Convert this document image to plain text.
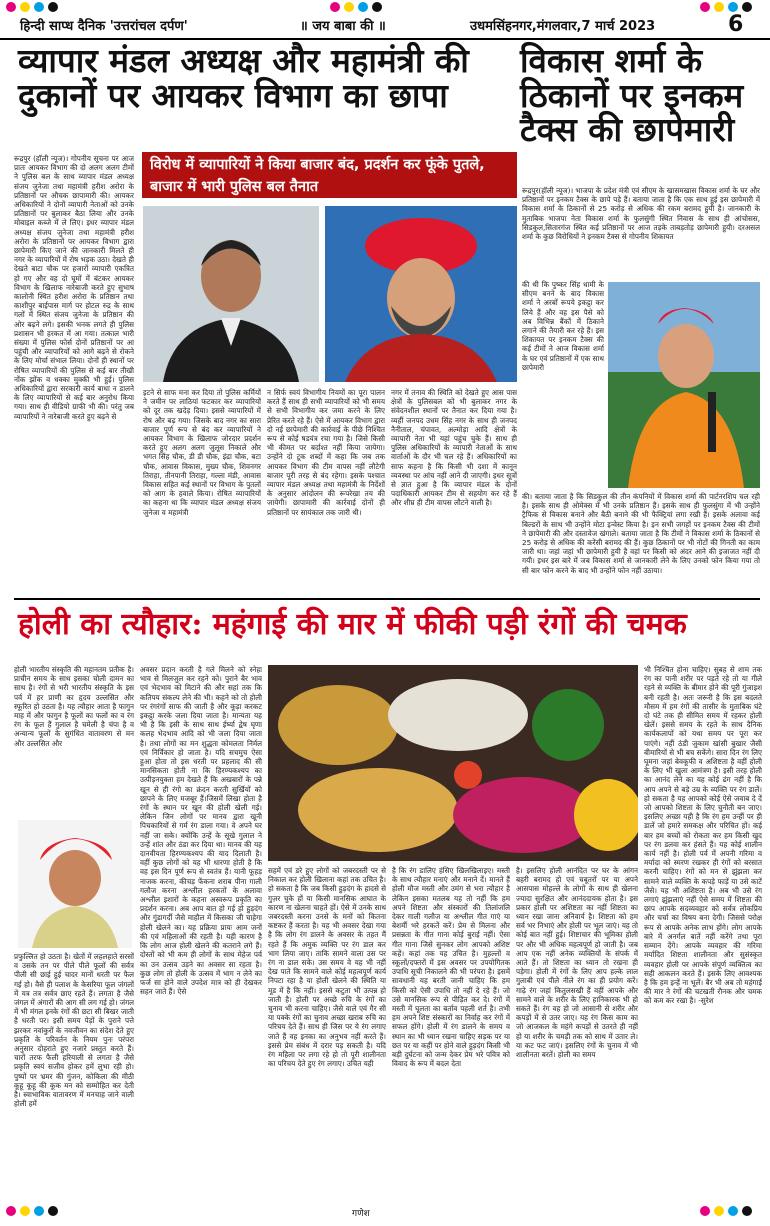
हिन्दी साप्ध दैनिक 'उत्तरांचल दर्पण'	॥ जय बाबा की ॥	उधमसिंहनगर,मंगलवार,7 मार्च 2023	6
व्यापार मंडल अध्यक्ष और महामंत्री की दुकानों पर आयकर विभाग का छापा
विकास शर्मा के ठिकानों पर इनकम टैक्स की छापेमारी

रूद्रपुर (हॉली न्यूज)। गोपनीय सूचना पर आज प्रातः आयकर विभाग की दो अलग अलग टीमों ने पुलिस बल के साथ व्यापार मंडल अध्यक्ष संजय जुनेजा तथा महामंत्री हरीश अरोरा के प्रतिष्ठानों पर औचक छापामारी की। आयकर अधिकारियों ने दोनों व्यापारी नेताओं को उनके प्रतिष्ठानों पर बुलाकर बैठा लिया और उनके मोबाइल कब्जे में ले लिए। इधर व्यापार मंडल अध्यक्ष संजय जुनेजा तथा महामंत्री हरीश अरोरा के प्रतिष्ठानों पर आयकर विभाग द्वारा छापेमारी किए जाने की जानकारी मिलते ही नगर के व्यापारियों में रोष भड़क उठा। देखते ही देखते बाटा चौक पर हजारों व्यापारी एकत्रित हो गए और वह दो घूमों में बंटकर आयकर विभाग के खिलाफ नारेबाजी करते हुए सुभाष कालोनी स्थित हरीश अरोरा के प्रतिष्ठान तथा काशीपुर बाईपास मार्ग पर होटल रुद्र के साथ गलों में स्थित संजय जुनेजा के प्रतिष्ठान की ओर बढ़ने लगे। इसकी भनक लगते ही पुलिस प्रशासन भी हरकत में आ गया। तत्काल भारी संख्या में पुलिस फोर्स दोनों प्रतिष्ठानों पर आ पहुंची और व्यापारियों को आगे बढ़ने से रोकने के लिए मोर्चा संभाल लिया। दोनों ही स्थानों पर रोषित व्यापारियों की पुलिस से कई बार तीखी नोंक झोंक व धक्का मुक्की भी हुई। पुलिस अधिकारियों द्वारा सरकारी कार्य बाधा न डालने के लिए व्यापारियों से कई बार अनुरोध किया गया। साथ ही वीडियो ग्राफी भी की। परंतु जब व्यापारियों ने नारेबाजी करते हुए बढ़ने से

विरोध में व्यापारियों ने किया बाजार बंद, प्रदर्शन कर फूंके पुतले, बाजार में भारी पुलिस बल तैनात

इटने से साफ मना कर दिया तो पुलिस कर्मियों ने जमीन पर लाठियां फटकार कर व्यापारियों को दूर तक खदेड़ दिया। इससे व्यापारियों में रोष और बढ़ गया। जिसके बाद नगर का सारा बाजार पूर्ण रूप से बंद कर व्यापारियों ने आयकर विभाग के खिलाफ जोरदार प्रदर्शन करते हुए अलग अलग जुलूस निकाले और भगत सिंह चौक, डी डी चौक, इंद्रा चौक, बटा चौक, आवास विकास, मुख्य चौक, शिवनगर तिराहा, तीनपानी तिराहा, गल्ला मंडी, आवास विकास सहित कई स्थानों पर विभाग के पुतलों को आग के हवाले किया। रोषित व्यापारियों का कहना था कि व्यापार मंडल अध्यक्ष संजय जुनेजा व महामंत्री

न सिर्फ स्वयं विभागीय नियमों का पूरा पालन करते हैं साथ ही सभी व्यापारियों को भी समय से सभी विभागीय कर जमा करने के लिए प्रेरित करते रहे हैं। ऐसे में आयकर विभाग द्वारा दो नई छापेमारी की कार्रवाई के पीछे निश्चित रूप से कोई षडयंत्र रचा गया है। जिसे किसी भी कीमत पर बर्दाश्त नहीं किया जायेगा। उन्होंने दो टूक शब्दों में कहा कि जब तक आयकर विभाग की टीम वापस नहीं लौटेगी बाजार पूरी तरह से बंद रहेगा। इसके पश्चात व्यापार मंडल अध्यक्ष तथा महामंत्री के निर्देशों के अनुसार आंदोलन की रूपरेखा तय की जायेगी। छापामारी की कार्रवाई दोनों ही प्रतिष्ठानों पर सायंकाल तक जारी थी।

नगर में तनाव की स्थिति को देखते हुए आस पास क्षेत्रों के पुलिसबल को भी बुलाकर नगर के संवेदनशील स्थानों पर तैनात कर दिया गया है।व्यहीं जनपद उधम सिंह नगर के साथ ही जनपद नैनीताल, चंपावत, अल्मोड़ा आदि क्षेत्रों के व्यापारी नेता भी यहां पहुंच चुके हैं। साथ ही पुलिस अधिकारियों के व्यापारी नेताओं के साथ वार्ताओं के दौर भी चल रहे हैं। अधिकारियों का साफ कहना है कि किसी भी दशा में कानून व्यवस्था पर आंच नहीं आने दी जाएगी। इधर सूत्रों से ज्ञात हुआ है कि व्यापार मंडल के दोनों पदाधिकारी आयकर टीम से सहयोग कर रहे हैं और शीघ्र ही टीम वापस लौटने वाली है।

रूद्रपुर(हॉली न्यूज)। भाजपा के प्रदेश मंत्री एवं सीएम के खासमखास विकास शर्मा के घर और प्रतिष्ठानों पर इनकम टैक्स के छापे पड़े हैं। बताया जाता है कि एक साथ हुई इस छापेमारी में विकास शर्मा के ठिकानों से 25 करोड़ से अधिक की रकम बरामद हुयी है। जानकारी के मुताबिक भाजपा नेता विकास शर्मा के फुलसुंगी स्थित निवास के साथ ही आंचोसस, सिडकुल,सितारगंज स्थित कई प्रतिष्ठानों पर आज तड़के ताबड़तोड़ छापेमारी हुयी। दरअसल शर्मा के कुछ विरोधियों ने इनकम टैक्स से गोपनीय शिकायत

की थी कि पुष्कर सिंह धामी के सीएम बनने के बाद विकास शर्मा ने अरबों रूपये इकट्ठा कर लिये हैं और वह इस पैसे को अब विभिन्न बैंकों में ठिकाने लगाने की तैयारी कर रहे हैं। इस शिकायत पर इनकम टैक्स की कई टीमों ने आज विकास शर्मा के घर एवं प्रतिष्ठानों में एक साथ छापेमारी

की। बताया जाता है कि सिडकुल की तीन कंपनियों में विकास शर्मा की पार्टनरशिप चल रही है। इसके साथ ही ओमेक्स में भी उनके प्रतिष्ठान हैं। इसके साथ ही फुलसुंगा में भी उन्होंने ट्रैफिक से विकास बनाने और बैठी बनाने की भी फैक्ट्रियां लगा रखी हैं। इसके अलावा कई बिल्डरों के साथ भी उन्होंने मोटा इन्वेस्ट किया है। इन सभी जगहों पर इनकम टैक्स की टीमों ने छापेमारी की और दस्तावेज खंगाले। बताया जाता है कि टीमों ने विकास शर्मा के ठिकानों से 25 करोड़ से अधिक की करेंसी बरामद की हैं। कुछ ठिकानों पर भी नोटों की गिनती का काम जारी था। जहां जहां भी छापेमारी हुयी है वहां पर किसी को अंदर आने की इजाजत नहीं दी गयी। इधर इस बारे में जब विकास शर्मा से जानकारी लेने के लिए उनको फोन किया गया तो सी बार फोन करने के बाद भी उन्होंने फोन नहीं उठाया।

होली का त्यौहार: महंगाई की मार में फीकी पड़ी रंगों की चमक

होली भारतीय संस्कृति की महानतम प्रतीक है। प्राचीन समय के साथ इसका चोली दामन का साथ है। रंगों से भरी भारतीय संस्कृति के इस पर्व में हर प्राणी का हृदय उल्लसित और स्फूरित हो उठता है। यह त्यौहार आता है फागुन माह में और फागुन है फूलों का फलों का व रंग रंग के फूल हैं गुलाल है चमेली है चंपा है व अन्यान्य फूलों के सुगंधित वातावरण से मन और उल्लसित और

प्रफुल्लित हो उठता है। खेतों में लहलहाते सरसों व उसके तन पर पीले पीले फूलों की सर्वत्र पीली सी छाई हुई चादर मानों धरती पर फैल गई हो। वैसे ही पलाश के केसरिया फूल जंगलों में यत्र तत्र सर्वत्र छाए रहते हैं। लगता है जैसे जंगल में अंगारों की आग सी लग गई हो। जंगल में भी मंगल इनके रंगों की छटा सी बिखर जाती है धरती पर। इसी समय पेड़ों के पुराने पत्ते झरकर नवांकुरों के नवजीवन का संदेश देते हुए प्रकृति के परिवर्तन के नियम पुनः परंपरा अनुसार दोहराते हुए नजारे प्रस्तुत करते हैं। चारों तरफ फैली हरियाली से लगता है जैसे प्रकृति स्वयं सजीव होकर हमें लुभा रही हो। पुष्पों पर भ्रमर की गुंजन, कोकिला की मीठी कूहू कूहू की कूक मन को सम्मोहित कर देती है। स्वाभाविक वातावरण में मनचाह जाने वाली होली हमें

अवसर प्रदान करती है गले मिलने को स्नेहा भाव से मिलजुल कर रहने को। पुराने बैर भाव एवं भेदभाव को मिटाने की और सहां तक कि कतिपय संकल्प लेने की भी। कहने को तो होली पर रंगरंगों साफ की जाती है और कूड़ा करकट इकट्ठा करके जला दिया जाता है। मान्यता यह भी है कि इसी के साथ साथ ईर्ष्या द्वेष घृणा कलह भेदभाव आदि को भी जला दिया जाता है। तथा लोगों का मन शुद्धता कोमलता निर्मल एवं निर्विकार हो जाता है। यदि सचमुच ऐसा हुआ होता तो इस धरती पर प्रहलाद की सी मानसिकता होती ना कि हिरण्यकश्यप का उत्पीड़नयुक्ता हम देखते हैं कि अखबारों के पन्ने खून से ही रंगो का क्रंदन करती सुर्खियों को छापने के लिए मजबूर हैं।जिसमें लिखा होता है रंगों के स्थान पर खून की होली खेली गई। लेकिन जिन लोगों पर मानव द्वारा खूनी पिचकारियों से गर्म रंग डाला गया। वे अपने घर नहीं जा सके। क्योंकि उन्हें के सूखे गुलाल ने उन्हें शांत और ठंडा कर दिया था। मानव की यह दानवीयता हिरण्यकश्यप की याद दिलाती है। वहीं कुछ लोगों को यह भी धारणा होती है कि वह इस दिन पूर्ण रूप से स्वतंत्र हैं। यानी फूहड़ नाजक करना, कीचड़ फेंकना शराब पीना गाली गलौज करना अश्लील हरकतों के अलावा अश्लील इशारों के कहना अस्वरूप प्रकृति का प्रदर्शन करना। अब आप बात हो गई हो हुड़दंग और गुंडागर्दी जैसे माहौल में किसका जी चाहेगा होली खेलने का। यह प्रक्रिया प्रायः आम जनों की एवं महिलाओं की रहती है। यही कारण है कि लोग आज होली खेलने की कतराने लगे हैं। दोस्तों को भी कम ही लोगों के साथ मेहेज पर्व का उन उत्सव उड़ने का अवसर सा रहता है। कुछ लोग तो होली के उत्सव में भाग न लेने का फर्ज सा होने वाले उपदेश मात्र को ही देखकर सहन जाते हैं। ऐसे

सहमें एवं डरे हुए लोगों को जबरदस्ती पर से निकाल कर होली खिलाना कहां तक उचित है। हो सकता है कि जब किसी हुड़दंग के हादसे से गुज़र चुके हों या किसी मानसिक आघात के कारण ना खेलना चाहते हों। ऐसे में उनके साथ जबरदस्ती करना उनसे के मनों को कितना कष्टकर हैं करता है। यह भी अवसर देखा गया है कि लोग रंग डालने के अवसर के तहत मैं रहते हैं कि अमुक व्यक्ति पर रंग डाल कर भाग लिया जाए। ताकि सामने वाला उस पर रंग ना डाल सके। उस समय वे यह भी नहीं देख पाते कि सामने वाले कोई महत्वपूर्ण कार्य निपटा रहा है या होली खेलने की स्थिति या मूड में है कि नहीं। इससे कटुता भी उत्पन्न हो जाती है। होली पर अच्छे रुचि के रंगों का चुनाव भी करना चाहिए। जैसे वाले एवं गैर सी या पक्के रंगों का चुनाव अच्छा खराब रुचि का परिचय देते हैं। साथ ही जिस पर ये रंग लगाए जाते हैं वह इनका का अनुभव नहीं करते हैं। इससे प्रेम संबंध में दरार पड़ सकती है। यदि रंग महिला पर लगा रहे हो तो पूरी शालीनता का परिचय देते हुए रंग लगाए। उचित यही

है कि रंग डालिए हंसिए खिलखिलाइए। मस्ती के साथ त्यौहार मनाएं और मनाने दें। मानते हैं होली मौज मस्ती और उमंग से भरा त्यौहार है लेकिन इसका मतलब यह तो नहीं कि हम अपने शिष्टता और संस्कारों की तिलांजलि देकर गाली गलौज या अश्लील गीत गाएं या बेशर्मी भरे हरकतें करें। प्रेम से मिलना और प्रसन्नता के गीत गाना कोई बुराई नहीं। ऐसा गीत गाना जिसे सुनकर लोग आपको अशिष्ट कहें। कहां तक यह उचित है। मुहल्लों व स्कूलों/दफ्तरों में इस अवसर पर उपयोगितक उपाधि सूची निकालने की भी परंपरा है। इसमें सावधानी यह बरती जानी चाहिए कि हम किसी को ऐसी उपाधि तो नहीं दे रहे हैं। जो उसे मानसिक रूप से पीड़ित कर दे। रंगों में मस्ती में घूलता का बर्ताव पहली शर्त है। तभी हम अपने शिष्ट संस्कारों का निर्वाह कर रंगों में सफल होंगे। होली में रंग डालने के समय व स्थान का भी ध्यान रखना चाहिए सड़क पर या छत पर या कहीं पर होने वाले हुड़दंग किसी भी बड़ी दुर्घटना को जन्म देकर प्रेम भरे पवित्र को विवाद के रूप में बदल देता

है। इसलिए होली आनंदित पर घर के आंगन बहरी बरामद हो एवं चबूतरों पर या अपने आसपास मोहल्ले के लोगों के साथ ही खेलना ज्यादा सुरक्षित और आनंददायक होता है। इस प्रकार होली पर अशिष्टता का नहीं शिष्टता का ध्यान रखा जाना अनिवार्य है। शिष्टता को हम सर्व भर निभाएं और होली पर भूल जाएं। यह तो कोई बात नहीं हुई। शिष्टाचार की भूमिका होली पर और भी अधिक महत्वपूर्ण हो जाती है। जब आप एक नहीं अनेक व्यक्तियों के संपर्क में आते हैं। तो शिष्टता का ध्यान तो रखना ही पड़ेगा। होली में रंगों के लिए आप हल्के लाल गुलाबी एवं पीले नीले रंग का ही प्रयोग करें। गाढ़े रंग जहां कितुलसखी हैं वहीं आपके और सामने वाले के शरीर के लिए हानिकारक भी हो सकते हैं। रंग वह हो जो आसानी से शरीर और कपड़ों में से उतर जाए। यह रंग किस काम का जो आजकल के महंगे कपड़ों से उतरते ही नहीं हो या शरीर के चमड़ी तक को साथ में उतार ले। या कट फट जाएं। इसलिए रंगों के चुनाव में भी शालीनता बरतें। होली का समय

भी निश्चित होना चाहिए। सुबह से शाम तक रंग का पानी शरीर पर पड़ते रहे तो या गीले रहने से व्यक्ति के बीमार होने की पूरी गुंजाइश बनी रहती है। अतः जरूरी है कि इस बदलते मौसम में हम रंगों की तासीर के मुताबिक घंटे दो घंटे तक ही सीमित समय में रहकर होली खेलें। इससे समय के रहते के साथ दैनिक कार्यकलापों को यथा समय पर पूरा कर पाएंगे। नहीं ठंडी जुकाम खांसी बुखार जैसी बीमारियों से भी बच सकेंगे। सारा दिन रंग लिए घूमना जहां बेवकूफी व अशिष्टता है वहीं होली के लिए भी खुला आमंत्रण है। इसी तरह होली का आनंद लेने का यह कोई ढंग नहीं है कि आप अपने से बड़े उम्र के व्यक्ति पर रंग डालें। हो सकता है यह आपको कोई ऐसे जवाब दे दें जो आपको शिष्टता के लिए चुनौती बन जाए। इसलिए अच्छा यही है कि रंग हम उन्हीं पर ही डालें जो हमारे समकक्ष और परिचित हों। कई बार हम बच्चों को रोकता कर हम किसी खुद पर रंग डलवा कर हंसते हैं। यह कोई शालीन कार्य नहीं है। होली पर्व में अपनी गरिमा व मर्यादा को स्मरण रखकर ही रंगों को बरसात करनी चाहिए। रंगों को मन से झुंझला कर सामने वाले व्यक्ति के कपड़े फाड़ें या उसे काटें जैसे। यह भी अशिष्टता है। अब भी उसे रंग लगाएं झुंझलाएं नहीं ऐसे समय में शिष्टता की छाप आपके सदव्यवहार को सर्वत्र लोकप्रिय और चर्चा का विषय बना देगी। जिससे परोक्ष रूप से आपके अनेक लाभ होंगे। लोग आपके बारे में अनर्गल बातें नहीं करेंगे तथा पूरा सम्मान देंगे। आपके व्यवहार की गरिमा मर्यादित शिष्टता शालीनता और सुसंस्कृत व्यवहार होली पर आपके संपूर्ण व्यक्तित्व का सही आकलन करते हैं। इसके लिए आवश्यक है कि हम इन्हें ना भूलें। बैर भी अब तो महंगाई की मार ने रंगों की चटखती रौनक और चमक को कम कर रखा है। -सुरेश

गणेश
